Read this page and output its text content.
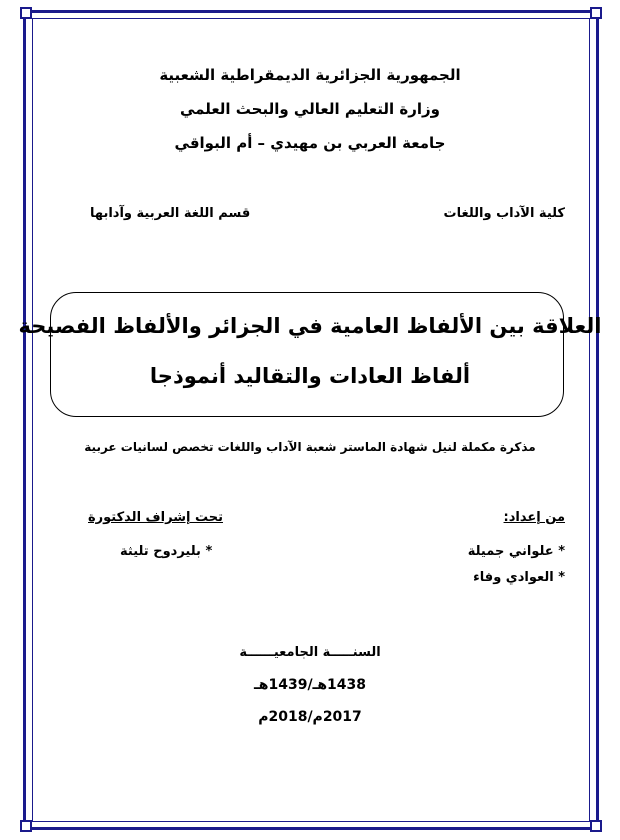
الجمهورية الجزائرية الديمقراطية الشعبية
وزارة التعليم العالي والبحث العلمي
جامعة العربي بن مهيدي – أم البواقي
كلية الآداب واللغات
قسم اللغة العربية وآدابها
العلاقة بين الألفاظ العامية في الجزائر والألفاظ الفصيحة
ألفاظ العادات والتقاليد أنموذجا
مذكرة مكملة لنيل شهادة الماستر شعبة الآداب واللغات تخصص لسانيات عربية
من إعداد:
تحت إشراف الدكتورة
* علواني جميلة
* العوادي وفاء
* بليردوح تليثة
السنـــــة الجامعيــــــة
1438هـ/1439هـ
2017م/2018م
